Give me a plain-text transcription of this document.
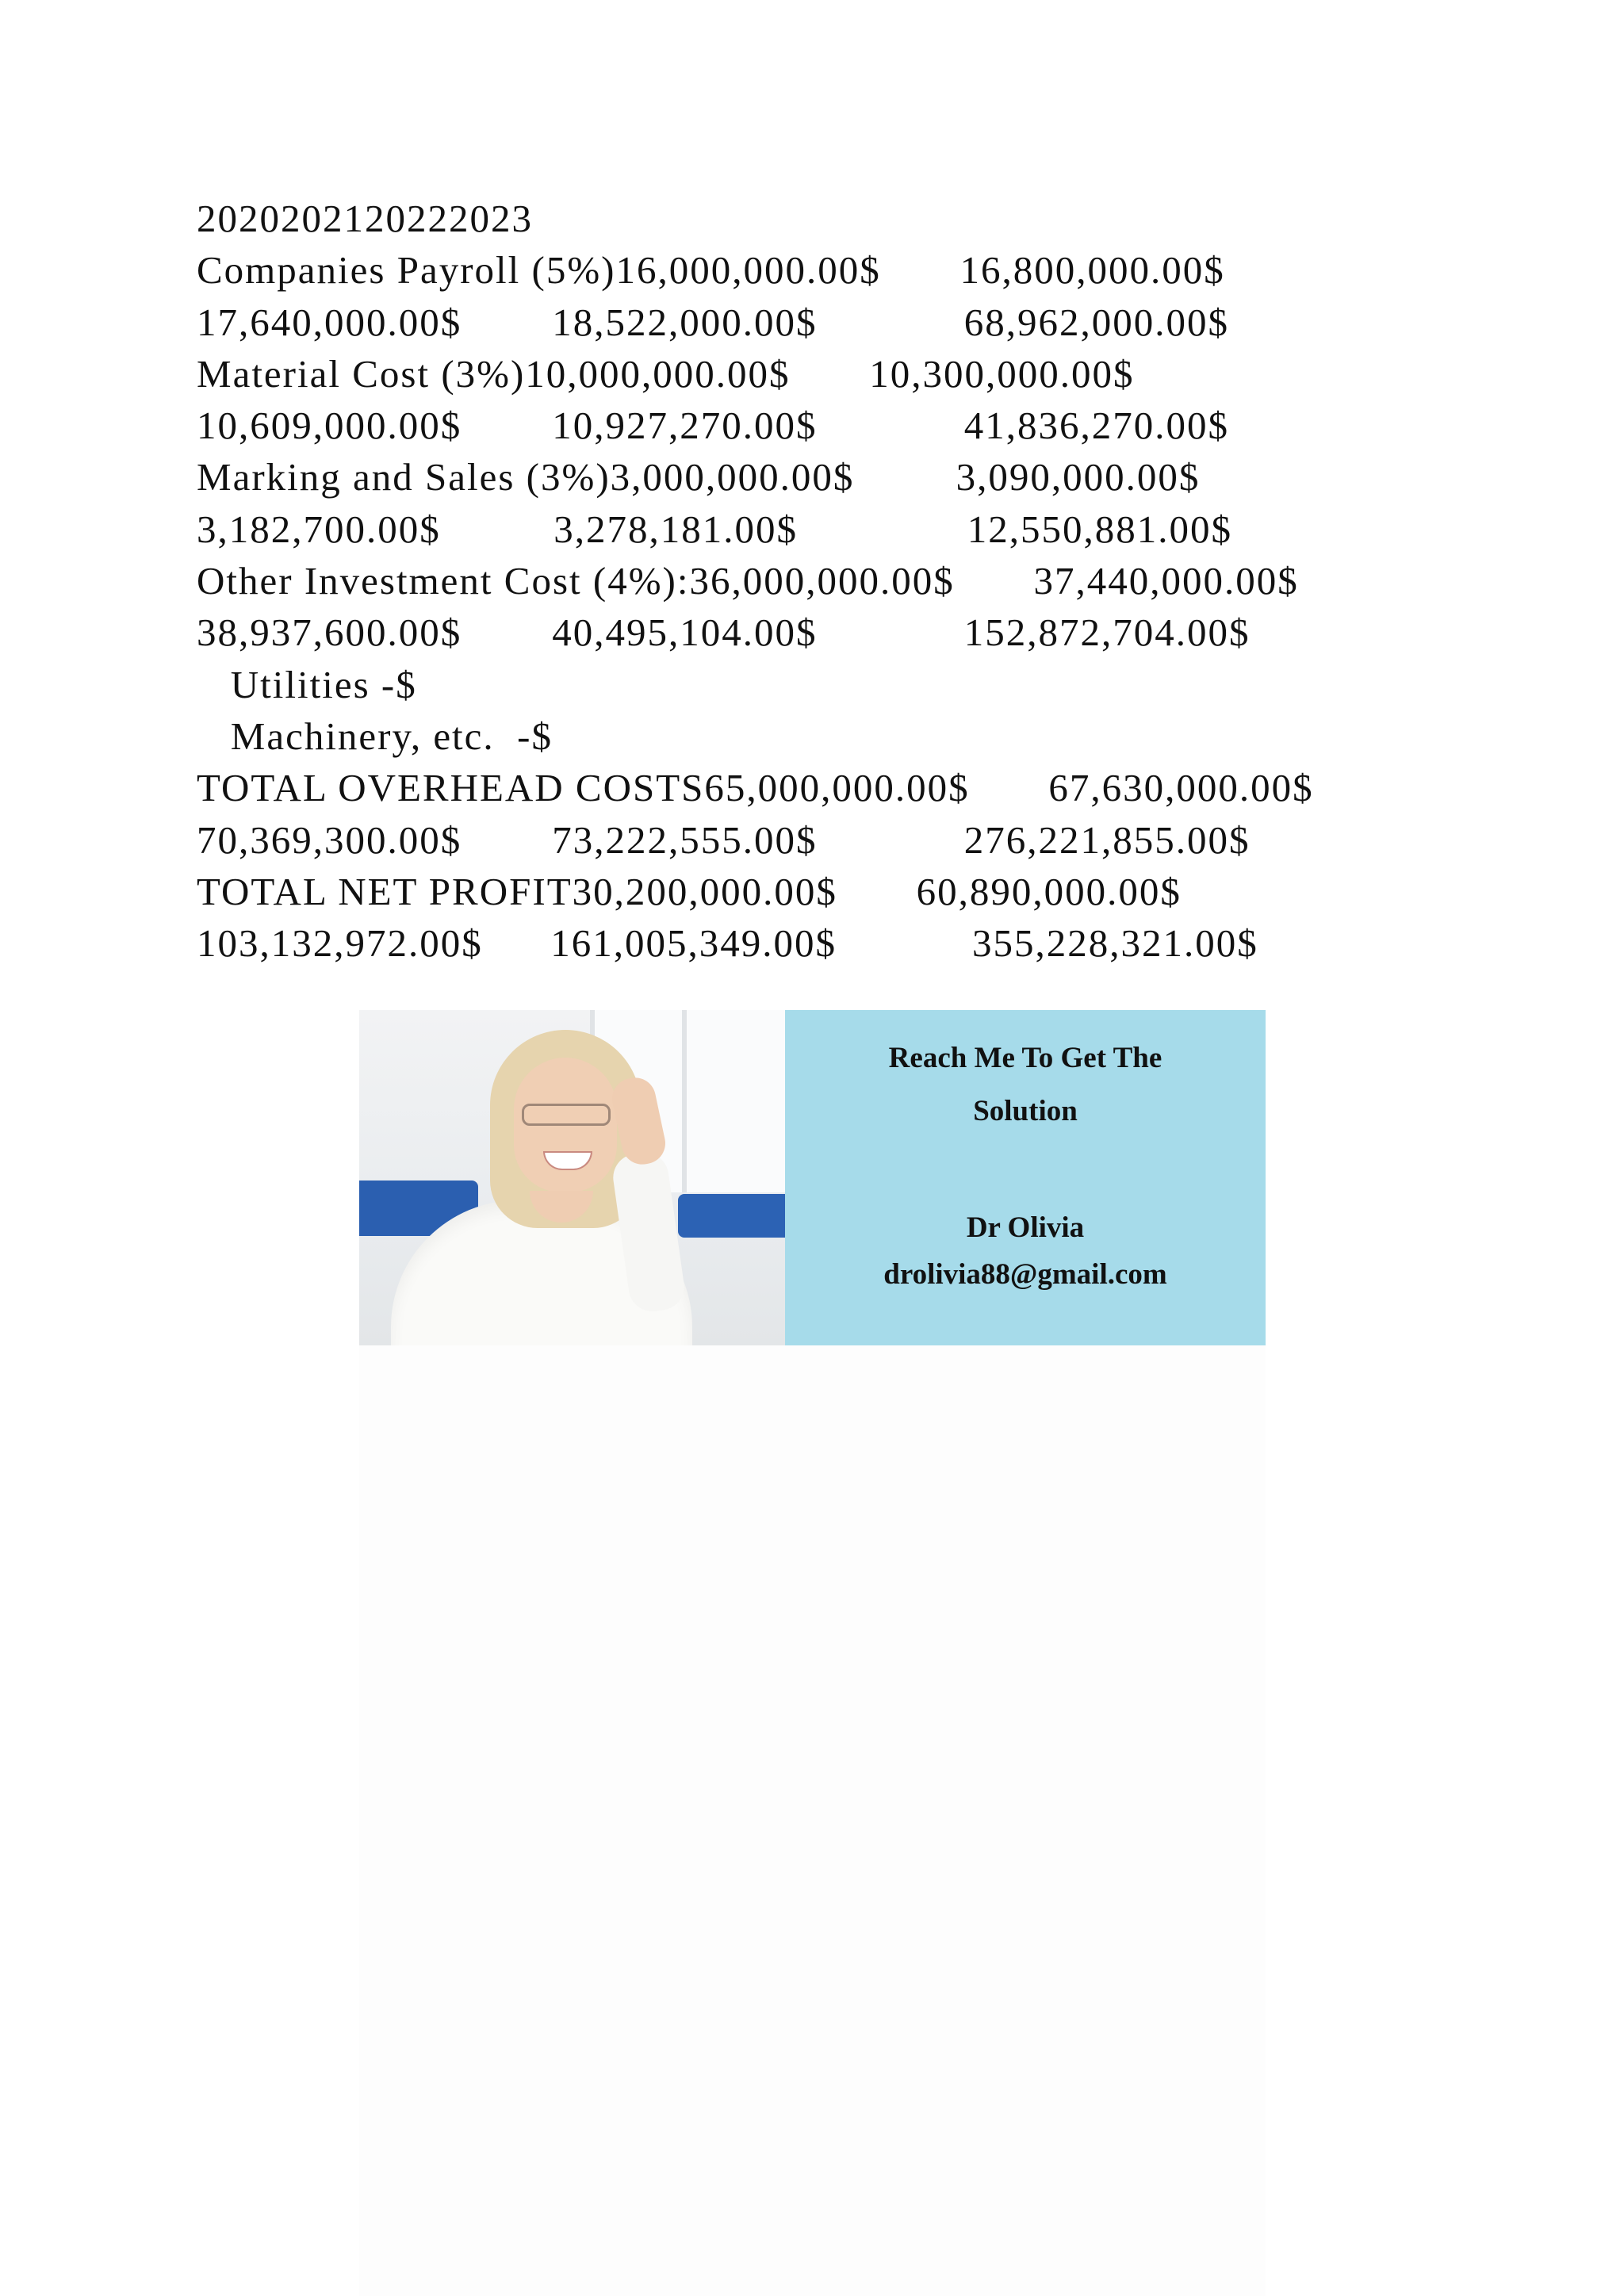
2020202120222023
Companies Payroll (5%)16,000,000.00$       16,800,000.00$
17,640,000.00$        18,522,000.00$             68,962,000.00$
Material Cost (3%)10,000,000.00$       10,300,000.00$
10,609,000.00$        10,927,270.00$             41,836,270.00$
Marking and Sales (3%)3,000,000.00$         3,090,000.00$
3,182,700.00$          3,278,181.00$               12,550,881.00$
Other Investment Cost (4%):36,000,000.00$       37,440,000.00$
38,937,600.00$        40,495,104.00$             152,872,704.00$
Utilities -$
Machinery, etc.  -$
TOTAL OVERHEAD COSTS65,000,000.00$       67,630,000.00$
70,369,300.00$        73,222,555.00$             276,221,855.00$
TOTAL NET PROFIT30,200,000.00$       60,890,000.00$
103,132,972.00$      161,005,349.00$            355,228,321.00$
Reach Me To Get The
Solution
Dr Olivia
drolivia88@gmail.com
